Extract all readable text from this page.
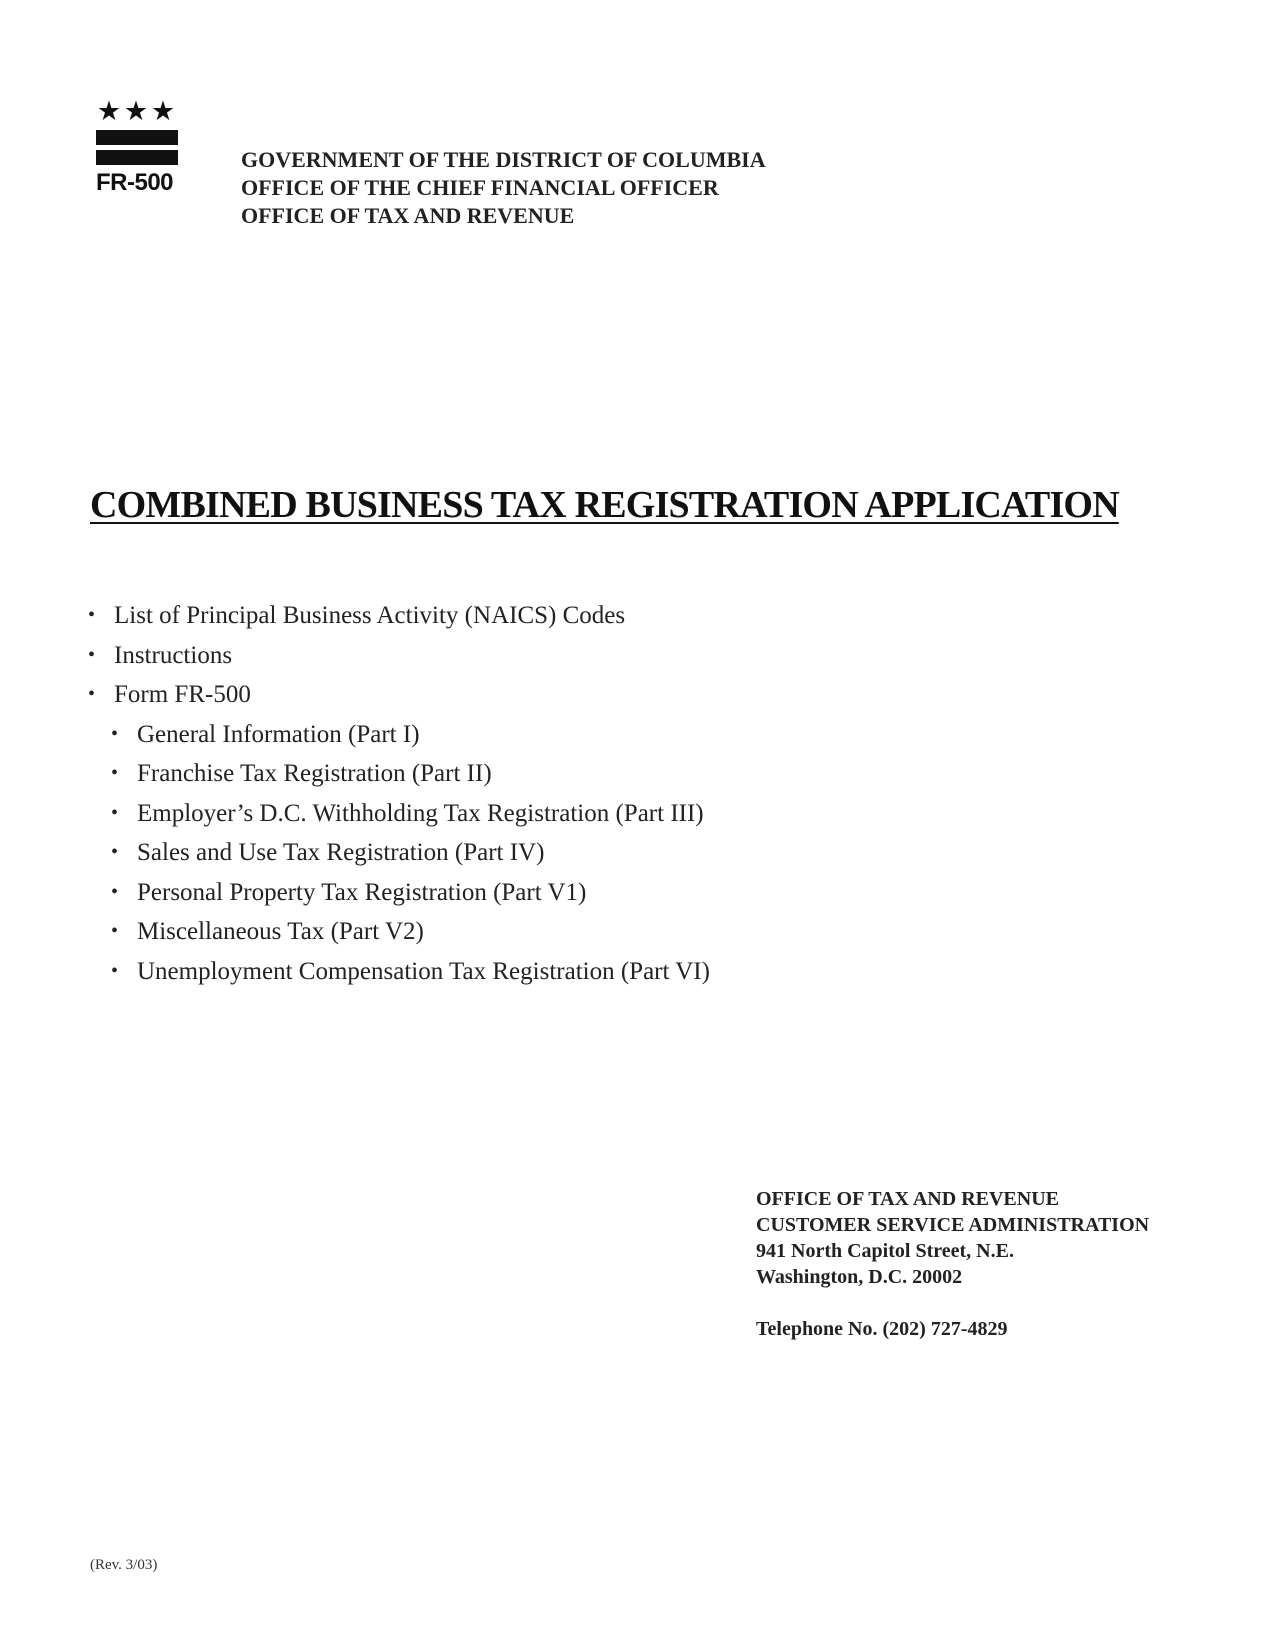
★ ★ ★
FR-500
GOVERNMENT OF THE DISTRICT OF COLUMBIA
OFFICE OF THE CHIEF FINANCIAL OFFICER
OFFICE OF TAX AND REVENUE
COMBINED BUSINESS TAX REGISTRATION APPLICATION
• List of Principal Business Activity (NAICS) Codes
• Instructions
• Form FR-500
• General Information (Part I)
• Franchise Tax Registration (Part II)
• Employer’s D.C. Withholding Tax Registration (Part III)
• Sales and Use Tax Registration (Part IV)
• Personal Property Tax Registration (Part V1)
• Miscellaneous Tax (Part V2)
• Unemployment Compensation Tax Registration (Part VI)
OFFICE OF TAX AND REVENUE
CUSTOMER SERVICE ADMINISTRATION
941 North Capitol Street, N.E.
Washington, D.C. 20002
Telephone No. (202) 727-4829
(Rev. 3/03)
